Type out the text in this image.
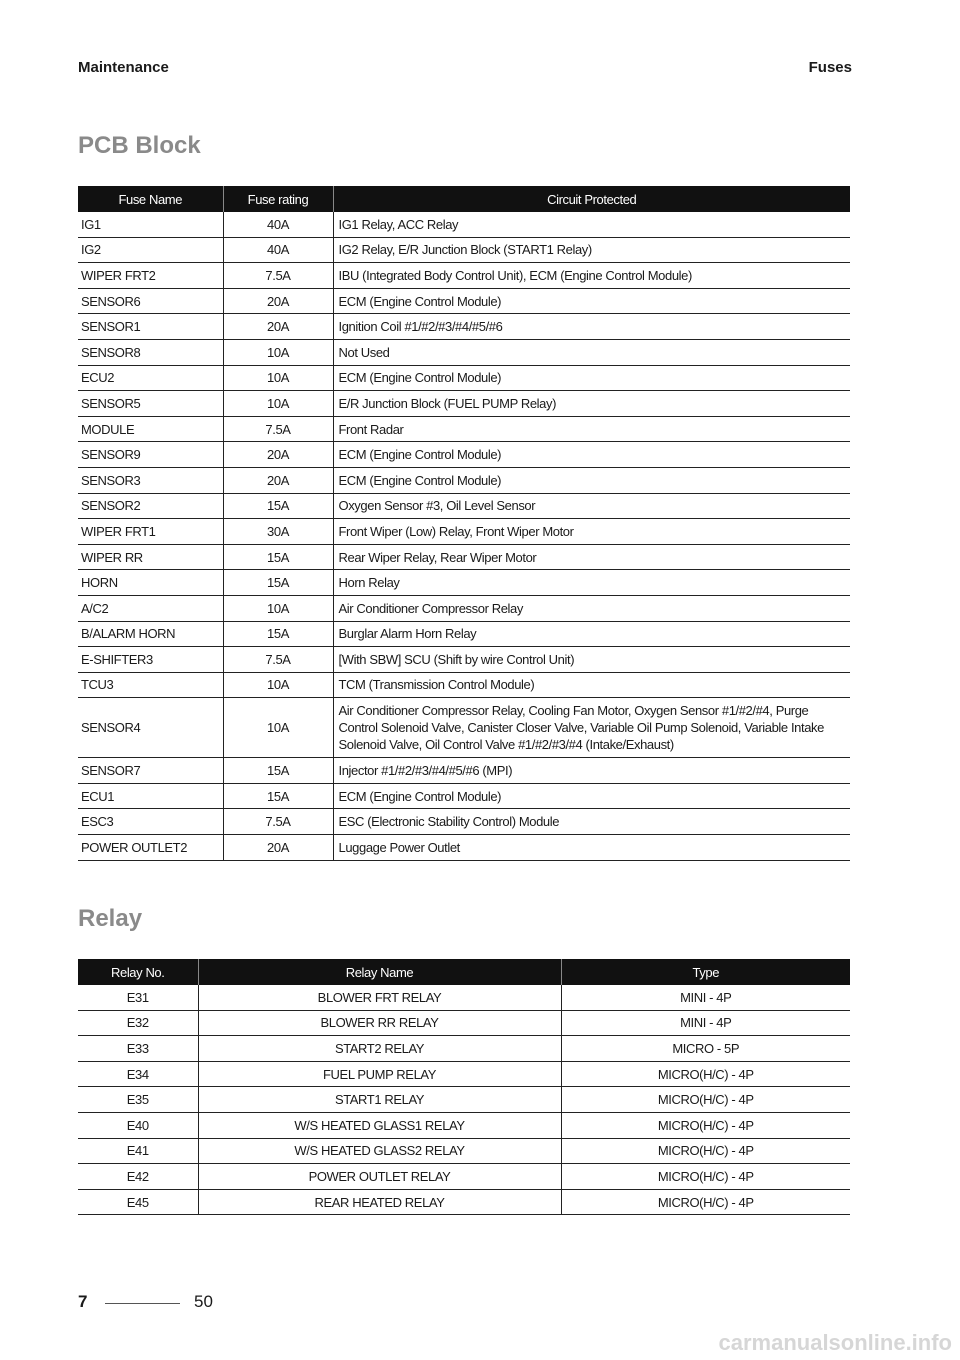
Maintenance	Fuses
PCB Block
Fuse Name	Fuse rating	Circuit Protected
IG1	40A	IG1 Relay, ACC Relay
IG2	40A	IG2 Relay, E/R Junction Block (START1 Relay)
WIPER FRT2	7.5A	IBU (Integrated Body Control Unit), ECM (Engine Control Module)
SENSOR6	20A	ECM (Engine Control Module)
SENSOR1	20A	Ignition Coil #1/#2/#3/#4/#5/#6
SENSOR8	10A	Not Used
ECU2	10A	ECM (Engine Control Module)
SENSOR5	10A	E/R Junction Block (FUEL PUMP Relay)
MODULE	7.5A	Front Radar
SENSOR9	20A	ECM (Engine Control Module)
SENSOR3	20A	ECM (Engine Control Module)
SENSOR2	15A	Oxygen Sensor #3, Oil Level Sensor
WIPER FRT1	30A	Front Wiper (Low) Relay, Front Wiper Motor
WIPER RR	15A	Rear Wiper Relay, Rear Wiper Motor
HORN	15A	Horn Relay
A/C2	10A	Air Conditioner Compressor Relay
B/ALARM HORN	15A	Burglar Alarm Horn Relay
E-SHIFTER3	7.5A	[With SBW] SCU (Shift by wire Control Unit)
TCU3	10A	TCM (Transmission Control Module)
SENSOR4	10A	Air Conditioner Compressor Relay, Cooling Fan Motor, Oxygen Sensor #1/#2/#4, Purge Control Solenoid Valve, Canister Closer Valve, Variable Oil Pump Solenoid, Variable Intake Solenoid Valve, Oil Control Valve #1/#2/#3/#4 (Intake/Exhaust)
SENSOR7	15A	Injector #1/#2/#3/#4/#5/#6 (MPI)
ECU1	15A	ECM (Engine Control Module)
ESC3	7.5A	ESC (Electronic Stability Control) Module
POWER OUTLET2	20A	Luggage Power Outlet
Relay
Relay No.	Relay Name	Type
E31	BLOWER FRT RELAY	MINI - 4P
E32	BLOWER RR RELAY	MINI - 4P
E33	START2 RELAY	MICRO - 5P
E34	FUEL PUMP RELAY	MICRO(H/C) - 4P
E35	START1 RELAY	MICRO(H/C) - 4P
E40	W/S HEATED GLASS1 RELAY	MICRO(H/C) - 4P
E41	W/S HEATED GLASS2 RELAY	MICRO(H/C) - 4P
E42	POWER OUTLET RELAY	MICRO(H/C) - 4P
E45	REAR HEATED RELAY	MICRO(H/C) - 4P
7	50
carmanualsonline.info
